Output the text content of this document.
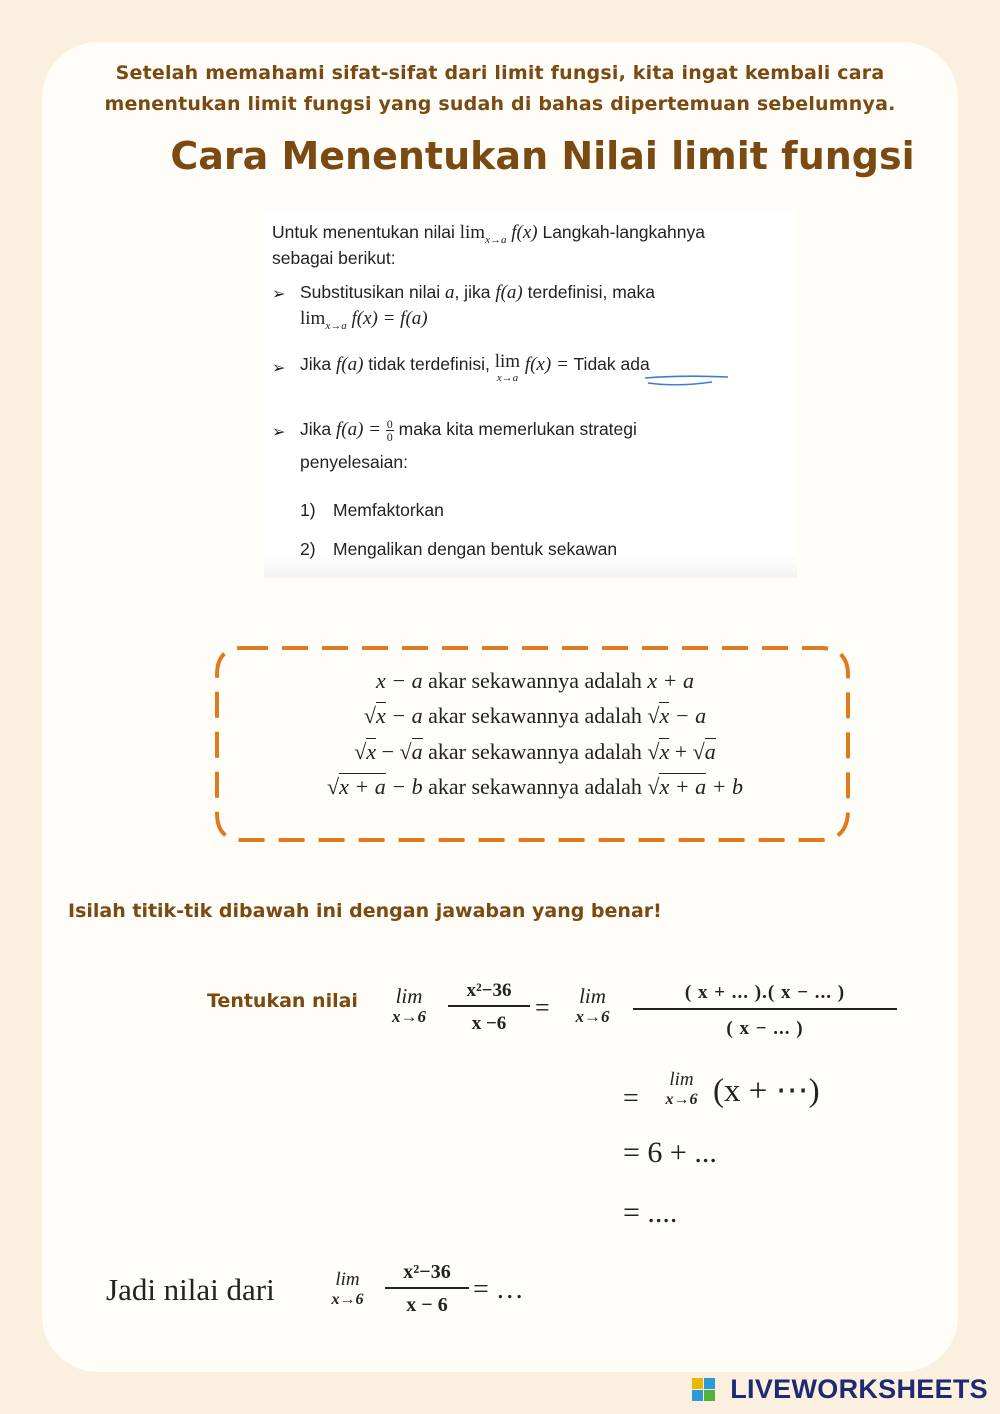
Setelah memahami sifat-sifat dari limit fungsi, kita ingat kembali cara
menentukan limit fungsi yang sudah di bahas dipertemuan sebelumnya.
Cara Menentukan Nilai limit fungsi
Untuk menentukan nilai $\lim_{x\to a} f(x)$ Langkah-langkahnya
sebagai berikut:
➢ Substitusikan nilai a, jika f(a) terdefinisi, maka
$\lim_{x\to a} f(x) = f(a)$
➢ Jika f(a) tidak terdefinisi, lim
x→a
f(x) = Tidak ada
➢ Jika $f(a) = \frac{0}{0}$ maka kita memerlukan strategi
penyelesaian:
1) Memfaktorkan
2) Mengalikan dengan bentuk sekawan
x − a akar sekawannya adalah x + a
√x − a akar sekawannya adalah √x − a
√x − √a akar sekawannya adalah √x + √a
√x + a − b akar sekawannya adalah √x + a + b
Isilah titik-tik dibawah ini dengan jawaban yang benar!
Tentukan nilai	lim
x→6
x²−36
x −6
=	lim
x→6
( x + ... ).( x − ... )
( x − ... )
=
lim
x→6 (x + ⋯)
= 6 + ...
= ....
Jadi nilai dari	lim
x→6
x²−36
x − 6 = …
LIVEWORKSHEETS
